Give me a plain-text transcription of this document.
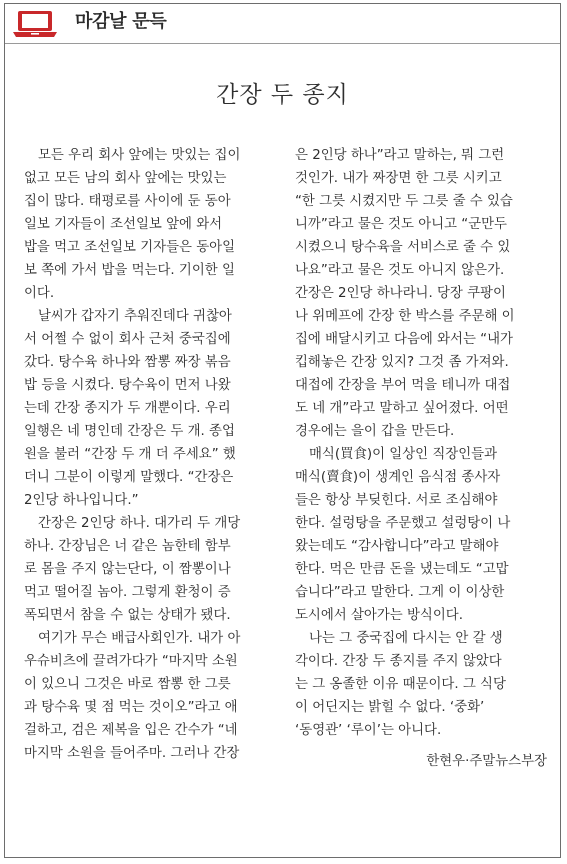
마감날 문득
간장 두 종지
모든 우리 회사 앞에는 맛있는 집이
없고 모든 남의 회사 앞에는 맛있는
집이 많다. 태평로를 사이에 둔 동아
일보 기자들이 조선일보 앞에 와서
밥을 먹고 조선일보 기자들은 동아일
보 쪽에 가서 밥을 먹는다. 기이한 일
이다.
날씨가 갑자기 추워진데다 귀찮아
서 어쩔 수 없이 회사 근처 중국집에
갔다. 탕수육 하나와 짬뽕 짜장 볶음
밥 등을 시켰다. 탕수육이 먼저 나왔
는데 간장 종지가 두 개뿐이다. 우리
일행은 네 명인데 간장은 두 개. 종업
원을 불러 “간장 두 개 더 주세요” 했
더니 그분이 이렇게 말했다. “간장은
2인당 하나입니다.”
간장은 2인당 하나. 대가리 두 개당
하나. 간장님은 너 같은 놈한테 함부
로 몸을 주지 않는단다, 이 짬뽕이나
먹고 떨어질 놈아. 그렇게 환청이 증
폭되면서 참을 수 없는 상태가 됐다.
여기가 무슨 배급사회인가. 내가 아
우슈비츠에 끌려가다가 “마지막 소원
이 있으니 그것은 바로 짬뽕 한 그릇
과 탕수육 몇 점 먹는 것이오”라고 애
걸하고, 검은 제복을 입은 간수가 “네
마지막 소원을 들어주마. 그러나 간장
은 2인당 하나”라고 말하는, 뭐 그런
것인가. 내가 짜장면 한 그릇 시키고
“한 그릇 시켰지만 두 그릇 줄 수 있습
니까”라고 물은 것도 아니고 “군만두
시켰으니 탕수육을 서비스로 줄 수 있
나요”라고 물은 것도 아니지 않은가.
간장은 2인당 하나라니. 당장 쿠팡이
나 위메프에 간장 한 박스를 주문해 이
집에 배달시키고 다음에 와서는 “내가
킵해놓은 간장 있지? 그것 좀 가져와.
대접에 간장을 부어 먹을 테니까 대접
도 네 개”라고 말하고 싶어졌다. 어떤
경우에는 을이 갑을 만든다.
매식(買食)이 일상인 직장인들과
매식(賣食)이 생계인 음식점 종사자
들은 항상 부딪힌다. 서로 조심해야
한다. 설렁탕을 주문했고 설렁탕이 나
왔는데도 “감사합니다”라고 말해야
한다. 먹은 만큼 돈을 냈는데도 “고맙
습니다”라고 말한다. 그게 이 이상한
도시에서 살아가는 방식이다.
나는 그 중국집에 다시는 안 갈 생
각이다. 간장 두 종지를 주지 않았다
는 그 옹졸한 이유 때문이다. 그 식당
이 어딘지는 밝힐 수 없다. ‘중화’
‘동영관’ ‘루이’는 아니다.
한현우·주말뉴스부장
